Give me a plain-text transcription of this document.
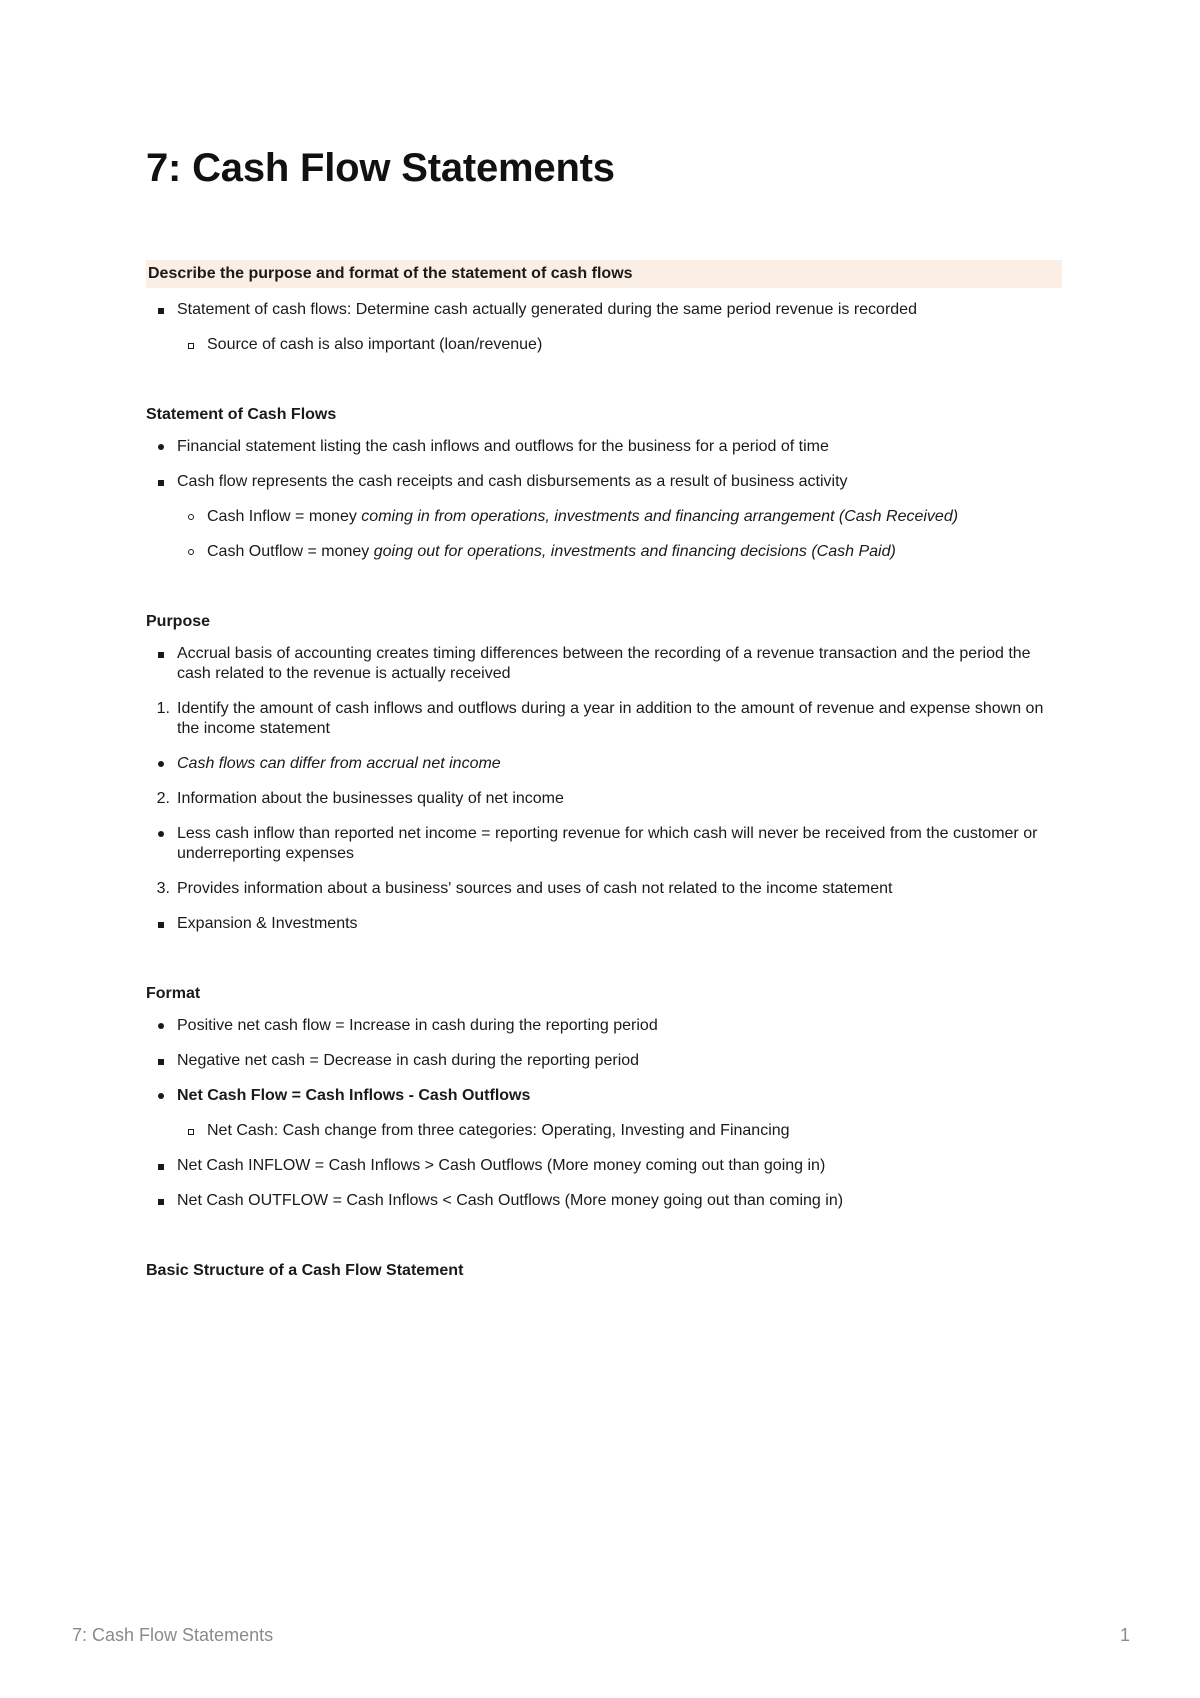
7: Cash Flow Statements
Describe the purpose and format of the statement of cash flows
Statement of cash flows: Determine cash actually generated during the same period revenue is recorded
Source of cash is also important (loan/revenue)
Statement of Cash Flows
Financial statement listing the cash inflows and outflows for the business for a period of time
Cash flow represents the cash receipts and cash disbursements as a result of business activity
Cash Inflow = money coming in from operations, investments and financing arrangement (Cash Received)
Cash Outflow = money going out for operations, investments and financing decisions (Cash Paid)
Purpose
Accrual basis of accounting creates timing differences between the recording of a revenue transaction and the period the cash related to the revenue is actually received
1. Identify the amount of cash inflows and outflows during a year in addition to the amount of revenue and expense shown on the income statement
Cash flows can differ from accrual net income
2. Information about the businesses quality of net income
Less cash inflow than reported net income = reporting revenue for which cash will never be received from the customer or underreporting expenses
3. Provides information about a business' sources and uses of cash not related to the income statement
Expansion & Investments
Format
Positive net cash flow = Increase in cash during the reporting period
Negative net cash = Decrease in cash during the reporting period
Net Cash Flow = Cash Inflows - Cash Outflows
Net Cash: Cash change from three categories: Operating, Investing and Financing
Net Cash INFLOW = Cash Inflows > Cash Outflows (More money coming out than going in)
Net Cash OUTFLOW = Cash Inflows < Cash Outflows (More money going out than coming in)
Basic Structure of a Cash Flow Statement
7: Cash Flow Statements	1
